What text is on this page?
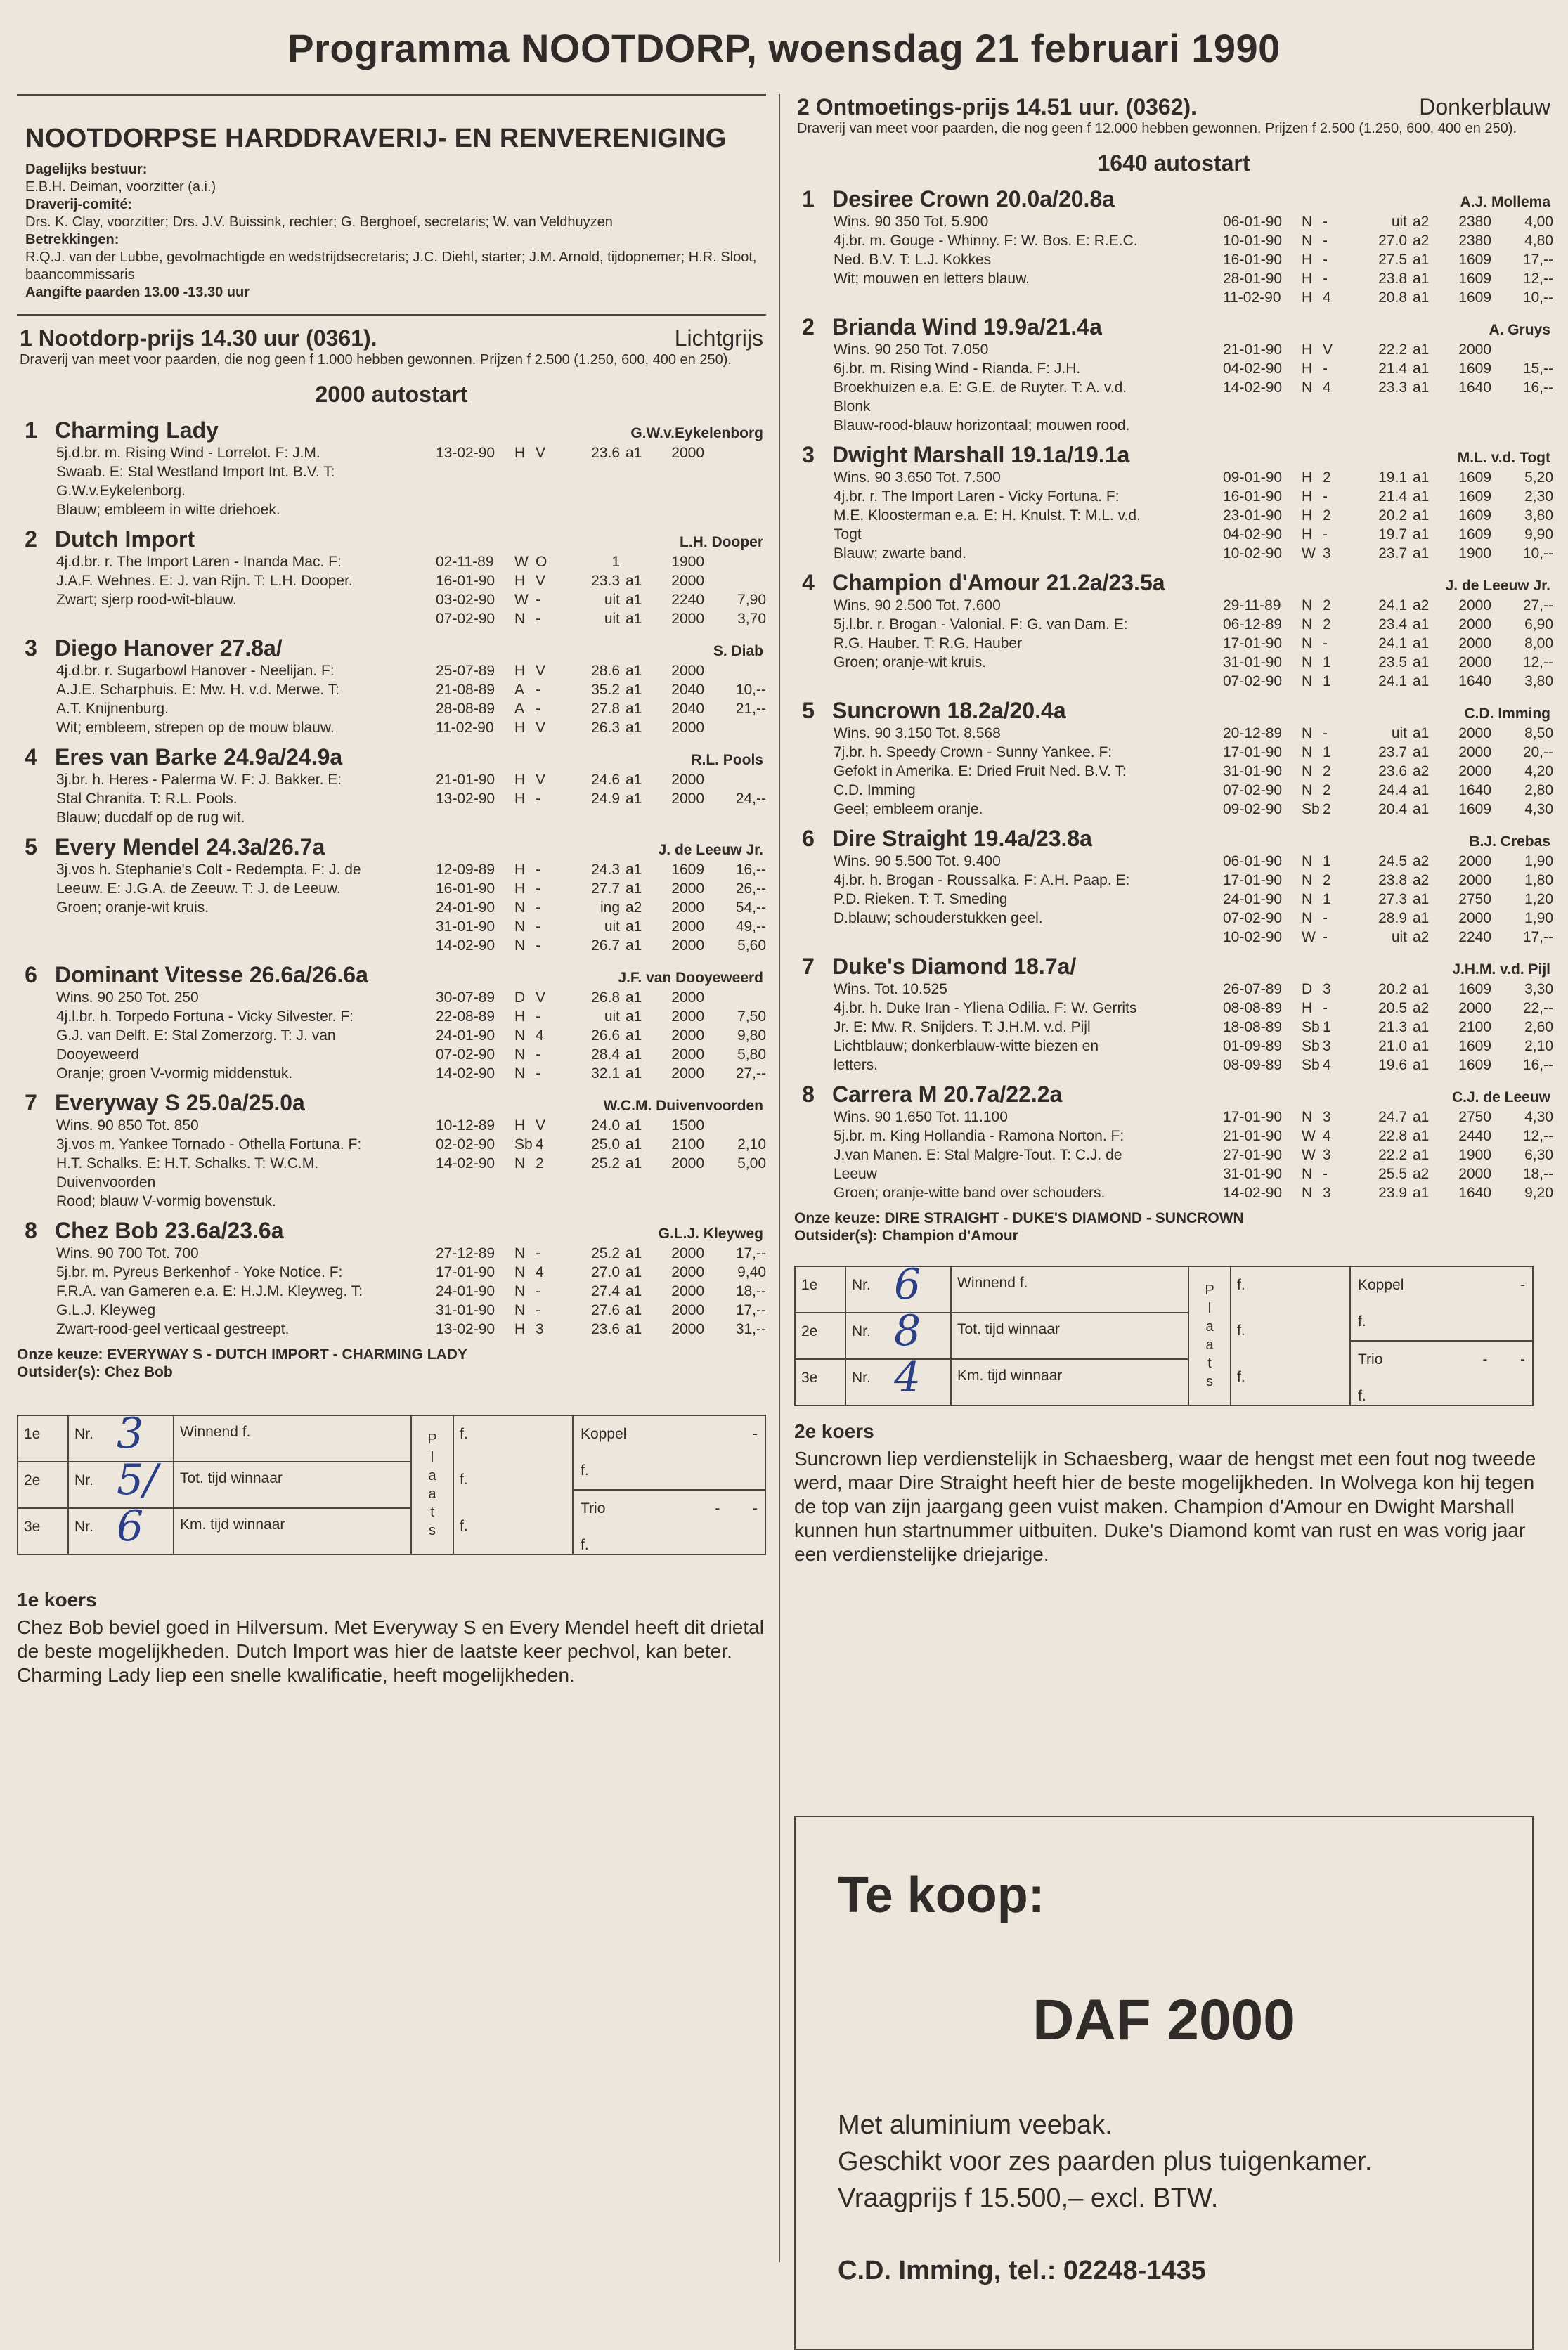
Programma NOOTDORP, woensdag 21 februari 1990
NOOTDORPSE HARDDRAVERIJ- EN RENVERENIGING

Dagelijks bestuur:

E.B.H. Deiman, voorzitter (a.i.)

Draverij-comité:

Drs. K. Clay, voorzitter; Drs. J.V. Buissink, rechter; G. Berghoef, secretaris; W. van Veldhuyzen

Betrekkingen:

R.Q.J. van der Lubbe, gevolmachtigde en wedstrijdsecretaris; J.C. Diehl, starter; J.M. Arnold, tijdopnemer; H.R. Sloot, baancommissaris

Aangifte paarden 13.00 -13.30 uur

1 Nootdorp-prijs 14.30 uur (0361).	Lichtgrijs
Draverij van meet voor paarden, die nog geen f 1.000 hebben gewonnen. Prijzen f 2.500 (1.250, 600, 400 en 250).
2000 autostart
1 Charming Lady	G.W.v.Eykelenborg
5j.d.br. m. Rising Wind - Lorrelot. F: J.M.
Swaab. E: Stal Westland Import Int. B.V. T:
G.W.v.Eykelenborg.
Blauw; embleem in witte driehoek.
13-02-90	H V	23.6 a1	2000
2 Dutch Import	L.H. Dooper
4j.d.br. r. The Import Laren - Inanda Mac. F:
J.A.F. Wehnes. E: J. van Rijn. T: L.H. Dooper.
Zwart; sjerp rood-wit-blauw.
02-11-89	W O	1	1900
16-01-90	H V	23.3 a1	2000
03-02-90	W -	uit a1	2240	7,90
07-02-90	N -	uit a1	2000	3,70
3 Diego Hanover 27.8a/	S. Diab
4j.d.br. r. Sugarbowl Hanover - Neelijan. F:
A.J.E. Scharphuis. E: Mw. H. v.d. Merwe. T:
A.T. Knijnenburg.
Wit; embleem, strepen op de mouw blauw.
25-07-89	H V	28.6 a1	2000
21-08-89	A -	35.2 a1	2040	10,--
28-08-89	A -	27.8 a1	2040	21,--
11-02-90	H V	26.3 a1	2000
4 Eres van Barke 24.9a/24.9a	R.L. Pools
3j.br. h. Heres - Palerma W. F: J. Bakker. E:
Stal Chranita. T: R.L. Pools.
Blauw; ducdalf op de rug wit.
21-01-90	H V	24.6 a1	2000
13-02-90	H -	24.9 a1	2000	24,--
5 Every Mendel 24.3a/26.7a	J. de Leeuw Jr.
3j.vos h. Stephanie's Colt - Redempta. F: J. de
Leeuw. E: J.G.A. de Zeeuw. T: J. de Leeuw.
Groen; oranje-wit kruis.
12-09-89	H -	24.3 a1	1609	16,--
16-01-90	H -	27.7 a1	2000	26,--
24-01-90	N -	ing a2	2000	54,--
31-01-90	N -	uit a1	2000	49,--
14-02-90	N -	26.7 a1	2000	5,60
6 Dominant Vitesse 26.6a/26.6a	J.F. van Dooyeweerd
Wins. 90 250 Tot. 250
4j.l.br. h. Torpedo Fortuna - Vicky Silvester. F:
G.J. van Delft. E: Stal Zomerzorg. T: J. van
Dooyeweerd
Oranje; groen V-vormig middenstuk.
30-07-89	D V	26.8 a1	2000
22-08-89	H -	uit a1	2000	7,50
24-01-90	N 4	26.6 a1	2000	9,80
07-02-90	N -	28.4 a1	2000	5,80
14-02-90	N -	32.1 a1	2000	27,--
7 Everyway S 25.0a/25.0a	W.C.M. Duivenvoorden
Wins. 90 850 Tot. 850
3j.vos m. Yankee Tornado - Othella Fortuna. F:
H.T. Schalks. E: H.T. Schalks. T: W.C.M.
Duivenvoorden
Rood; blauw V-vormig bovenstuk.
10-12-89	H V	24.0 a1	1500
02-02-90	Sb 4	25.0 a1	2100	2,10
14-02-90	N 2	25.2 a1	2000	5,00
8 Chez Bob 23.6a/23.6a	G.L.J. Kleyweg
Wins. 90 700 Tot. 700
5j.br. m. Pyreus Berkenhof - Yoke Notice. F:
F.R.A. van Gameren e.a. E: H.J.M. Kleyweg. T:
G.L.J. Kleyweg
Zwart-rood-geel verticaal gestreept.
27-12-89	N -	25.2 a1	2000	17,--
17-01-90	N 4	27.0 a1	2000	9,40
24-01-90	N -	27.4 a1	2000	18,--
31-01-90	N -	27.6 a1	2000	17,--
13-02-90	H 3	23.6 a1	2000	31,--
Onze keuze: EVERYWAY S - DUTCH IMPORT - CHARMING LADY
Outsider(s): Chez Bob
1e	Nr. 3	Winnend f.
2e	Nr. 5/	Tot. tijd winnaar
3e	Nr. 6	Km. tijd winnaar
P
l
a
a
t
s
f.
f.
f.
Koppel	-
f.
Trio	- -
f.
1e koers

Chez Bob beviel goed in Hilversum. Met Everyway S en Every Mendel heeft dit drietal de beste mogelijkheden. Dutch Import was hier de laatste keer pechvol, kan beter. Charming Lady liep een snelle kwalificatie, heeft mogelijkheden.

2 Ontmoetings-prijs 14.51 uur. (0362).	Donkerblauw
Draverij van meet voor paarden, die nog geen f 12.000 hebben gewonnen. Prijzen f 2.500 (1.250, 600, 400 en 250).
1640 autostart
1 Desiree Crown 20.0a/20.8a	A.J. Mollema
Wins. 90 350 Tot. 5.900
4j.br. m. Gouge - Whinny. F: W. Bos. E: R.E.C.
Ned. B.V. T: L.J. Kokkes
Wit; mouwen en letters blauw.
06-01-90	N -	uit a2	2380	4,00
10-01-90	N -	27.0 a2	2380	4,80
16-01-90	H -	27.5 a1	1609	17,--
28-01-90	H -	23.8 a1	1609	12,--
11-02-90	H 4	20.8 a1	1609	10,--
2 Brianda Wind 19.9a/21.4a	A. Gruys
Wins. 90 250 Tot. 7.050
6j.br. m. Rising Wind - Rianda. F: J.H.
Broekhuizen e.a. E: G.E. de Ruyter. T: A. v.d.
Blonk
Blauw-rood-blauw horizontaal; mouwen rood.
21-01-90	H V	22.2 a1	2000
04-02-90	H -	21.4 a1	1609	15,--
14-02-90	N 4	23.3 a1	1640	16,--
3 Dwight Marshall 19.1a/19.1a	M.L. v.d. Togt
Wins. 90 3.650 Tot. 7.500
4j.br. r. The Import Laren - Vicky Fortuna. F:
M.E. Kloosterman e.a. E: H. Knulst. T: M.L. v.d.
Togt
Blauw; zwarte band.
09-01-90	H 2	19.1 a1	1609	5,20
16-01-90	H -	21.4 a1	1609	2,30
23-01-90	H 2	20.2 a1	1609	3,80
04-02-90	H -	19.7 a1	1609	9,90
10-02-90	W 3	23.7 a1	1900	10,--
4 Champion d'Amour 21.2a/23.5a	J. de Leeuw Jr.
Wins. 90 2.500 Tot. 7.600
5j.l.br. r. Brogan - Valonial. F: G. van Dam. E:
R.G. Hauber. T: R.G. Hauber
Groen; oranje-wit kruis.
29-11-89	N 2	24.1 a2	2000	27,--
06-12-89	N 2	23.4 a1	2000	6,90
17-01-90	N -	24.1 a1	2000	8,00
31-01-90	N 1	23.5 a1	2000	12,--
07-02-90	N 1	24.1 a1	1640	3,80
5 Suncrown 18.2a/20.4a	C.D. Imming
Wins. 90 3.150 Tot. 8.568
7j.br. h. Speedy Crown - Sunny Yankee. F:
Gefokt in Amerika. E: Dried Fruit Ned. B.V. T:
C.D. Imming
Geel; embleem oranje.
20-12-89	N -	uit a1	2000	8,50
17-01-90	N 1	23.7 a1	2000	20,--
31-01-90	N 2	23.6 a2	2000	4,20
07-02-90	N 2	24.4 a1	1640	2,80
09-02-90	Sb 2	20.4 a1	1609	4,30
6 Dire Straight 19.4a/23.8a	B.J. Crebas
Wins. 90 5.500 Tot. 9.400
4j.br. h. Brogan - Roussalka. F: A.H. Paap. E:
P.D. Rieken. T: T. Smeding
D.blauw; schouderstukken geel.
06-01-90	N 1	24.5 a2	2000	1,90
17-01-90	N 2	23.8 a2	2000	1,80
24-01-90	N 1	27.3 a1	2750	1,20
07-02-90	N -	28.9 a1	2000	1,90
10-02-90	W -	uit a2	2240	17,--
7 Duke's Diamond 18.7a/	J.H.M. v.d. Pijl
Wins. Tot. 10.525
4j.br. h. Duke Iran - Yliena Odilia. F: W. Gerrits
Jr. E: Mw. R. Snijders. T: J.H.M. v.d. Pijl
Lichtblauw; donkerblauw-witte biezen en
letters.
26-07-89	D 3	20.2 a1	1609	3,30
08-08-89	H -	20.5 a2	2000	22,--
18-08-89	Sb 1	21.3 a1	2100	2,60
01-09-89	Sb 3	21.0 a1	1609	2,10
08-09-89	Sb 4	19.6 a1	1609	16,--
8 Carrera M 20.7a/22.2a	C.J. de Leeuw
Wins. 90 1.650 Tot. 11.100
5j.br. m. King Hollandia - Ramona Norton. F:
J.van Manen. E: Stal Malgre-Tout. T: C.J. de
Leeuw
Groen; oranje-witte band over schouders.
17-01-90	N 3	24.7 a1	2750	4,30
21-01-90	W 4	22.8 a1	2440	12,--
27-01-90	W 3	22.2 a1	1900	6,30
31-01-90	N -	25.5 a2	2000	18,--
14-02-90	N 3	23.9 a1	1640	9,20
Onze keuze: DIRE STRAIGHT - DUKE'S DIAMOND - SUNCROWN
Outsider(s): Champion d'Amour
1e	Nr. 6	Winnend f.
2e	Nr. 8	Tot. tijd winnaar
3e	Nr. 4	Km. tijd winnaar
P
l
a
a
t
s
f.
f.
f.
Koppel	-
f.
Trio	- -
f.
2e koers

Suncrown liep verdienstelijk in Schaesberg, waar de hengst met een fout nog tweede werd, maar Dire Straight heeft hier de beste mogelijkheden. In Wolvega kon hij tegen de top van zijn jaargang geen vuist maken. Champion d'Amour en Dwight Marshall kunnen hun startnummer uitbuiten. Duke's Diamond komt van rust en was vorig jaar een verdienstelijke driejarige.

Te koop:
DAF 2000
Met aluminium veebak.
Geschikt voor zes paarden plus tuigenkamer.
Vraagprijs f 15.500,– excl. BTW.
C.D. Imming, tel.: 02248-1435
